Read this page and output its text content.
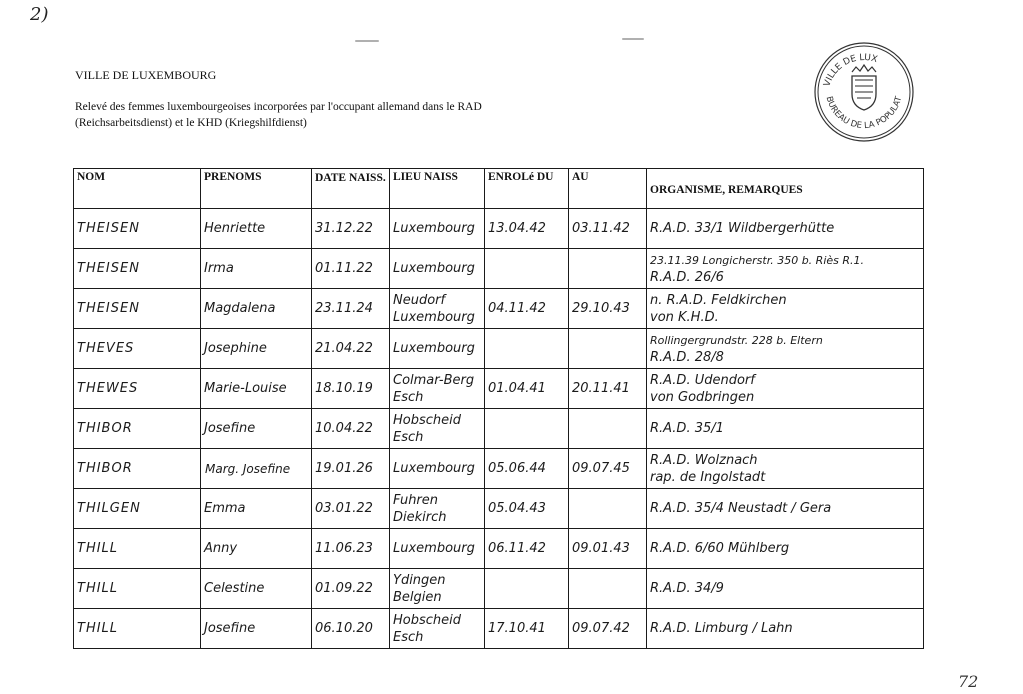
2)
VILLE DE LUXEMBOURG
Relevé des femmes luxembourgeoises incorporées par l'occupant allemand dans le RAD (Reichsarbeitsdienst) et le KHD (Kriegshilfdienst)
VILLE DE LUX
BUREAU DE LA POPULAT
NOM	PRENOMS	DATE NAISS.	LIEU NAISS	ENROLé DU	AU	ORGANISME, REMARQUES
THEISEN	Henriette	31.12.22	Luxembourg	13.04.42	03.11.42	R.A.D. 33/1 Wildbergerhütte

THEISEN	Irma	01.11.22	Luxembourg			23.11.39 Longicherstr. 350 b. Riès R.1.
R.A.D. 26/6

THEISEN	Magdalena	23.11.24	Neudorf
Luxembourg	04.11.42	29.10.43	n. R.A.D. Feldkirchen
von K.H.D.

THEVES	Josephine	21.04.22	Luxembourg			Rollingergrundstr. 228 b. Eltern
R.A.D. 28/8

THEWES	Marie-Louise	18.10.19	Colmar-Berg
Esch	01.04.41	20.11.41	R.A.D. Udendorf
von Godbringen

THIBOR	Josefine	10.04.22	Hobscheid
Esch			R.A.D. 35/1

THIBOR	Marg. Josefine	19.01.26	Luxembourg	05.06.44	09.07.45	R.A.D. Wolznach
rap. de Ingolstadt

THILGEN	Emma	03.01.22	Fuhren
Diekirch	05.04.43		R.A.D. 35/4 Neustadt / Gera

THILL	Anny	11.06.23	Luxembourg	06.11.42	09.01.43	R.A.D. 6/60 Mühlberg

THILL	Celestine	01.09.22	Ydingen
Belgien			R.A.D. 34/9

THILL	Josefine	06.10.20	Hobscheid
Esch	17.10.41	09.07.42	R.A.D. Limburg / Lahn
72
